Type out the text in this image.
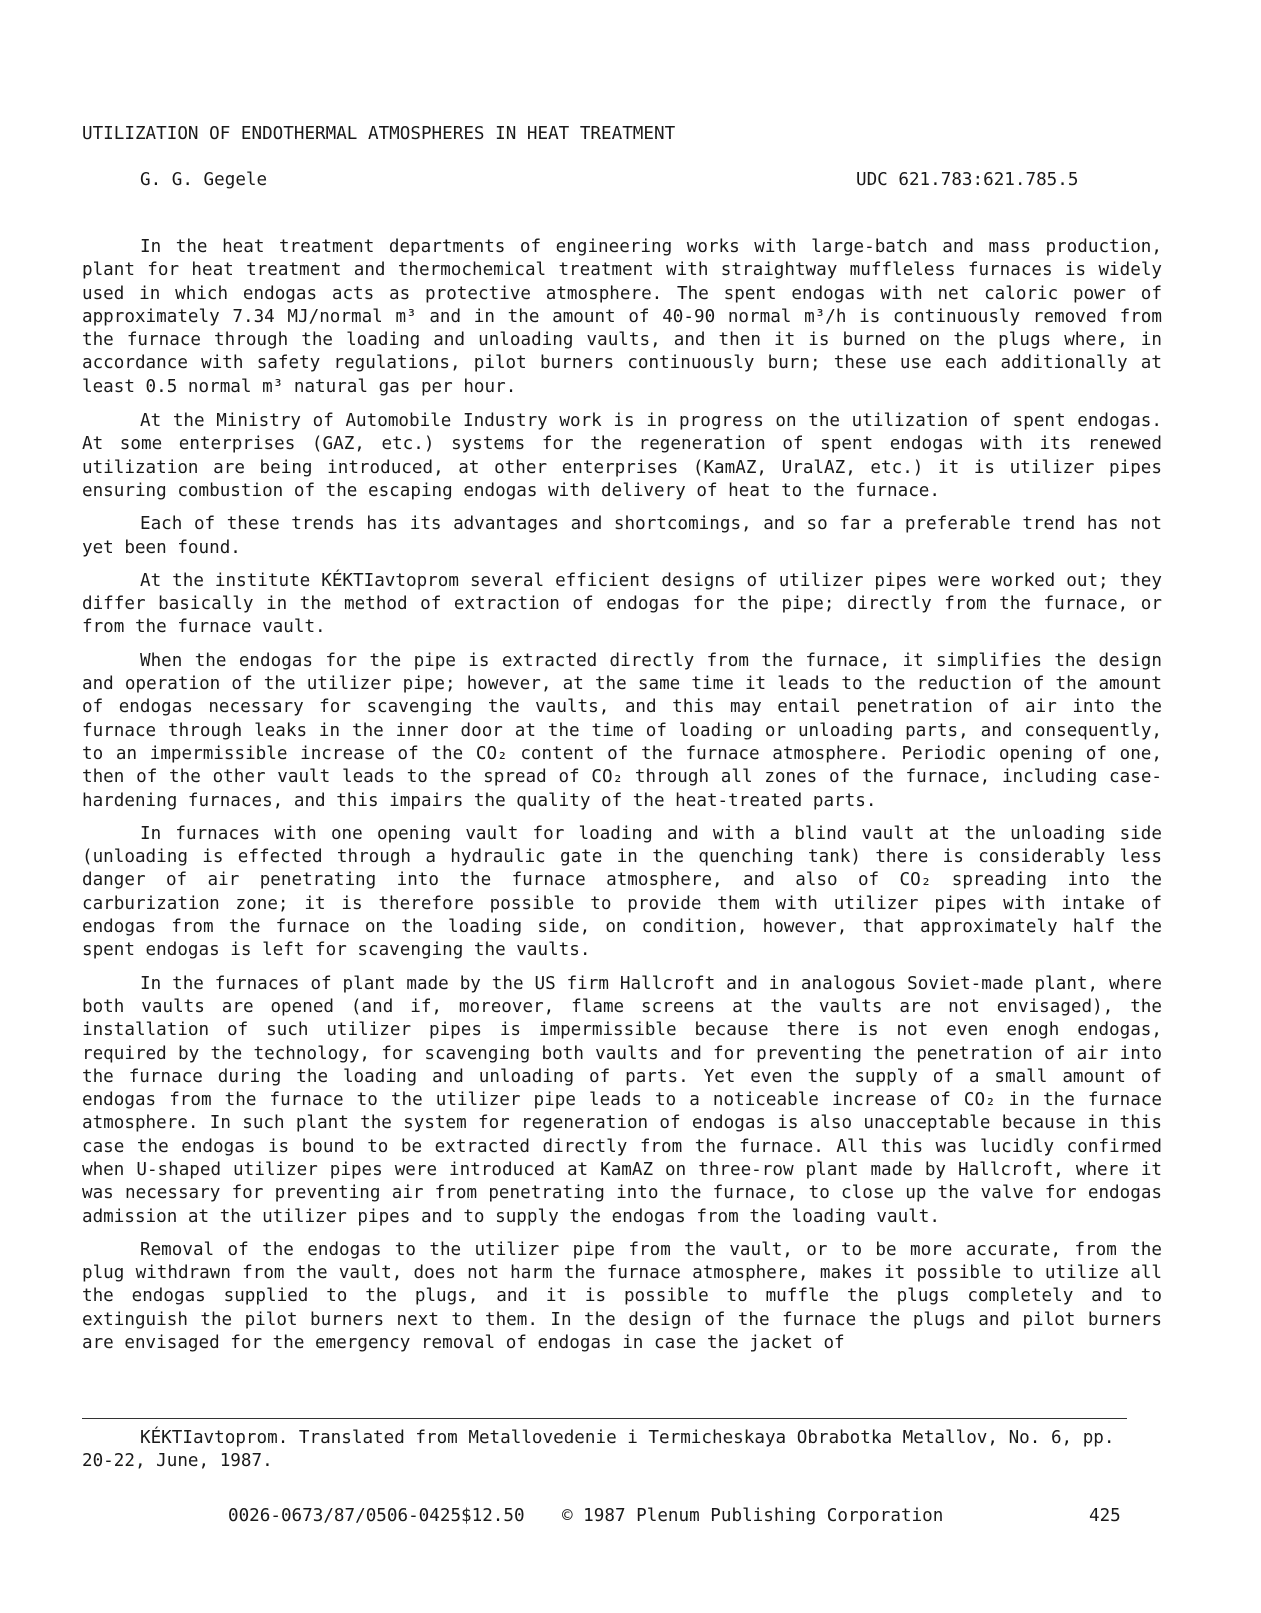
UTILIZATION OF ENDOTHERMAL ATMOSPHERES IN HEAT TREATMENT
G. G. Gegele	UDC 621.783:621.785.5

In the heat treatment departments of engineering works with large-batch and mass production, plant for heat treatment and thermochemical treatment with straightway muffleless furnaces is widely used in which endogas acts as protective atmosphere. The spent endogas with net caloric power of approximately 7.34 MJ/normal m³ and in the amount of 40-90 normal m³/h is continuously removed from the furnace through the loading and unloading vaults, and then it is burned on the plugs where, in accordance with safety regulations, pilot burners continuously burn; these use each additionally at least 0.5 normal m³ natural gas per hour.

At the Ministry of Automobile Industry work is in progress on the utilization of spent endogas. At some enterprises (GAZ, etc.) systems for the regeneration of spent endogas with its renewed utilization are being introduced, at other enterprises (KamAZ, UralAZ, etc.) it is utilizer pipes ensuring combustion of the escaping endogas with delivery of heat to the furnace.

Each of these trends has its advantages and shortcomings, and so far a preferable trend has not yet been found.

At the institute KÉKTIavtoprom several efficient designs of utilizer pipes were worked out; they differ basically in the method of extraction of endogas for the pipe; directly from the furnace, or from the furnace vault.

When the endogas for the pipe is extracted directly from the furnace, it simplifies the design and operation of the utilizer pipe; however, at the same time it leads to the reduction of the amount of endogas necessary for scavenging the vaults, and this may entail penetration of air into the furnace through leaks in the inner door at the time of loading or unloading parts, and consequently, to an impermissible increase of the CO₂ content of the furnace atmosphere. Periodic opening of one, then of the other vault leads to the spread of CO₂ through all zones of the furnace, including case-hardening furnaces, and this impairs the quality of the heat-treated parts.

In furnaces with one opening vault for loading and with a blind vault at the unloading side (unloading is effected through a hydraulic gate in the quenching tank) there is considerably less danger of air penetrating into the furnace atmosphere, and also of CO₂ spreading into the carburization zone; it is therefore possible to provide them with utilizer pipes with intake of endogas from the furnace on the loading side, on condition, however, that approximately half the spent endogas is left for scavenging the vaults.

In the furnaces of plant made by the US firm Hallcroft and in analogous Soviet-made plant, where both vaults are opened (and if, moreover, flame screens at the vaults are not envisaged), the installation of such utilizer pipes is impermissible because there is not even enogh endogas, required by the technology, for scavenging both vaults and for preventing the penetration of air into the furnace during the loading and unloading of parts. Yet even the supply of a small amount of endogas from the furnace to the utilizer pipe leads to a noticeable increase of CO₂ in the furnace atmosphere. In such plant the system for regeneration of endogas is also unacceptable because in this case the endogas is bound to be extracted directly from the furnace. All this was lucidly confirmed when U-shaped utilizer pipes were introduced at KamAZ on three-row plant made by Hallcroft, where it was necessary for preventing air from penetrating into the furnace, to close up the valve for endogas admission at the utilizer pipes and to supply the endogas from the loading vault.

Removal of the endogas to the utilizer pipe from the vault, or to be more accurate, from the plug withdrawn from the vault, does not harm the furnace atmosphere, makes it possible to utilize all the endogas supplied to the plugs, and it is possible to muffle the plugs completely and to extinguish the pilot burners next to them. In the design of the furnace the plugs and pilot burners are envisaged for the emergency removal of endogas in case the jacket of

KÉKTIavtoprom. Translated from Metallovedenie i Termicheskaya Obrabotka Metallov, No. 6, pp. 20-22, June, 1987.
0026-0673/87/0506-0425$12.50 © 1987 Plenum Publishing Corporation	425
